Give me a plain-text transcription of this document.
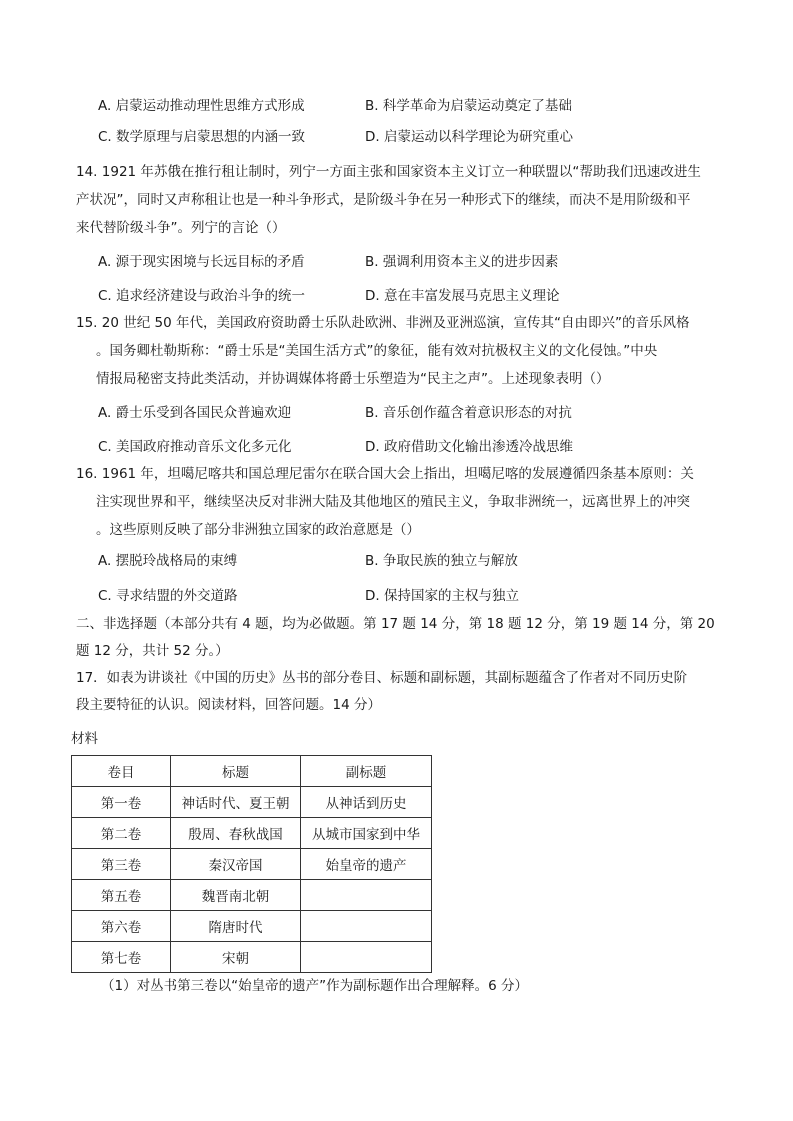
A. 启蒙运动推动理性思维方式形成	B. 科学革命为启蒙运动奠定了基础
C. 数学原理与启蒙思想的内涵一致	D. 启蒙运动以科学理论为研究重心
14. 1921 年苏俄在推行租让制时，列宁一方面主张和国家资本主义订立一种联盟以“帮助我们迅速改进生
产状况”，同时又声称租让也是一种斗争形式，是阶级斗争在另一种形式下的继续，而决不是用阶级和平
来代替阶级斗争”。列宁的言论（）
A. 源于现实困境与长远目标的矛盾	B. 强调利用资本主义的进步因素
C. 追求经济建设与政治斗争的统一	D. 意在丰富发展马克思主义理论
15. 20 世纪 50 年代，美国政府资助爵士乐队赴欧洲、非洲及亚洲巡演，宣传其“自由即兴”的音乐风格
。国务卿杜勒斯称：“爵士乐是“美国生活方式”的象征，能有效对抗极权主义的文化侵蚀。”中央
情报局秘密支持此类活动，并协调媒体将爵士乐塑造为“民主之声”。上述现象表明（）
A. 爵士乐受到各国民众普遍欢迎	B. 音乐创作蕴含着意识形态的对抗
C. 美国政府推动音乐文化多元化	D. 政府借助文化输出渗透冷战思维
16. 1961 年，坦噶尼喀共和国总理尼雷尔在联合国大会上指出，坦噶尼喀的发展遵循四条基本原则：关
注实现世界和平，继续坚决反对非洲大陆及其他地区的殖民主义，争取非洲统一，远离世界上的冲突
。这些原则反映了部分非洲独立国家的政治意愿是（）
A. 摆脱玲战格局的束缚	B. 争取民族的独立与解放
C. 寻求结盟的外交道路	D. 保持国家的主权与独立
二、非选择题（本部分共有 4 题，均为必做题。第 17 题 14 分，第 18 题 12 分，第 19 题 14 分，第 20
题 12 分，共计 52 分。）
17．如表为讲谈社《中国的历史》丛书的部分卷目、标题和副标题，其副标题蕴含了作者对不同历史阶
段主要特征的认识。阅读材料，回答问题。14 分）
材料
卷目	标题	副标题
第一卷	神话时代、夏王朝	从神话到历史
第二卷	殷周、春秋战国	从城市国家到中华
第三卷	秦汉帝国	始皇帝的遗产
第五卷	魏晋南北朝	
第六卷	隋唐时代	
第七卷	宋朝	
（1）对丛书第三卷以“始皇帝的遗产”作为副标题作出合理解释。6 分）
